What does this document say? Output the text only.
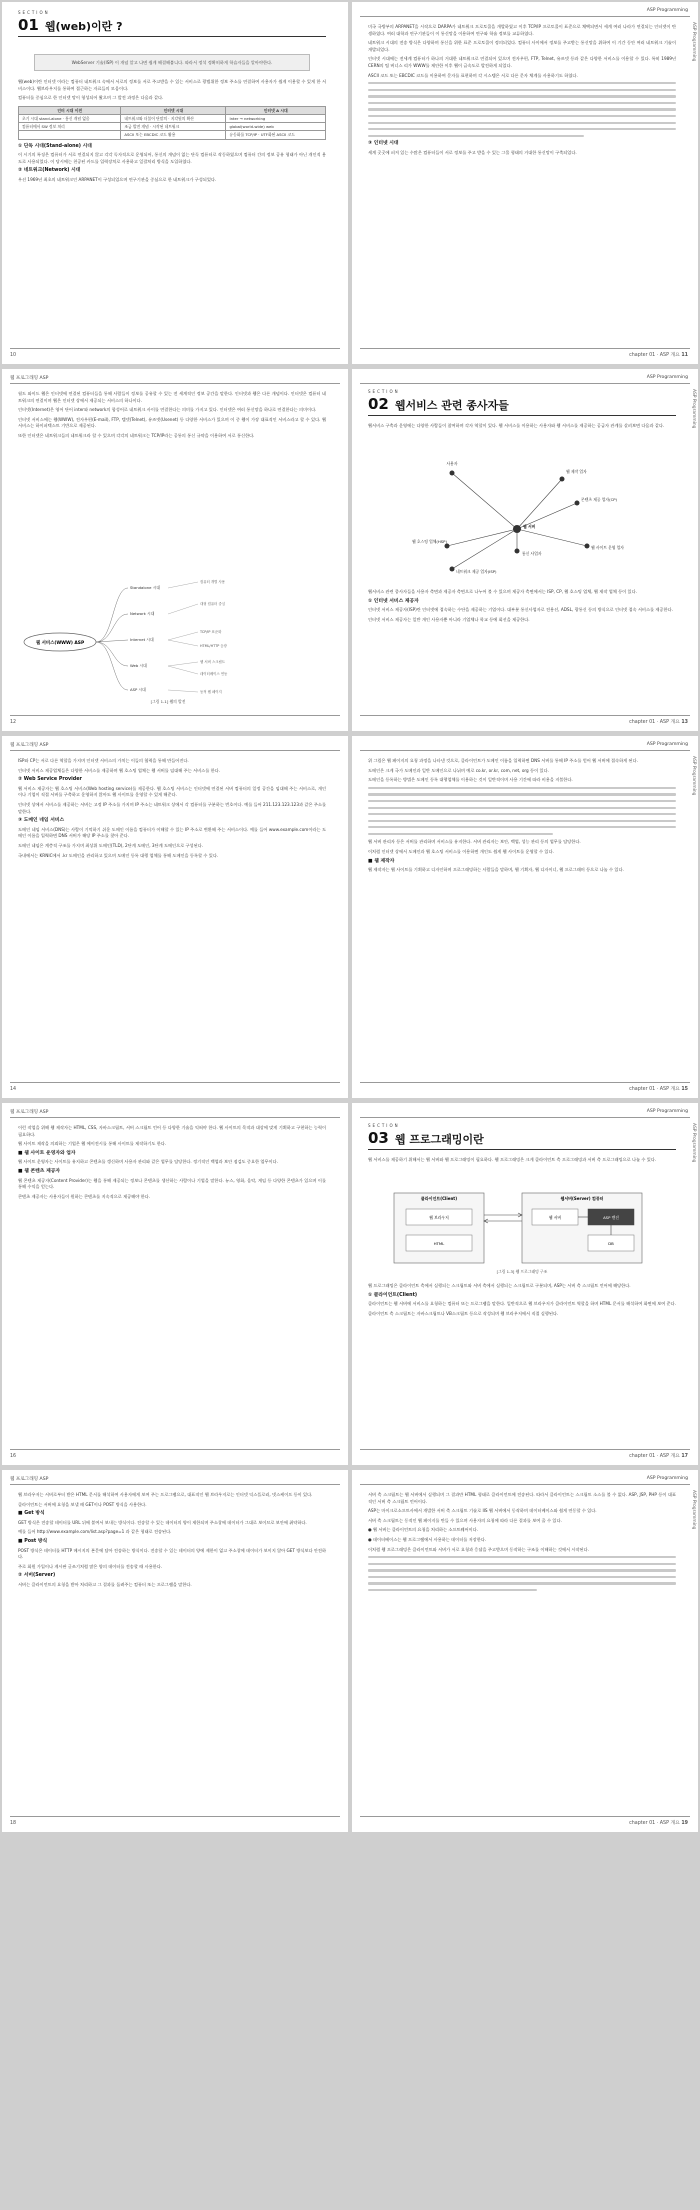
SECTION
01 웹(web)이란 ?
WebServer 기술(ISP) 이 개념 알고 나면 쉽게 해결해봅니다. 따라서 정석 정확히하게 학습자들을 알아야한다.

웹(web)이란 인터넷 이라는 컴퓨터 네트워크 속에서 서로의 정보를 서로 주고받을 수 있는 서비스로 광범위한 정보 주소를 연결하여 사용자가 쉽게 이용할 수 있게 한 서비스이다. 웹브라우저를 통하여 접근하는 자료들의 모음이다.

컴퓨터를 중심으로 한 인터넷 망이 형성되어 왔으며 그 발전 과정은 다음과 같다.

인터 시대 이전	인터넷 시대	인터넷 A 시대
초기 시대 stand-alone · 통신 개념 없음	네트워크와 더불어 단말의 · 지각원의 확산	Inter → networking
컴퓨터에서 SW 정보 처리	조금 발전 개념 · 시작된 네트워크	global(world-wide) web
	ASCII 또는 EBCDIC 코드 활용	유동화를 TCP/IP · UTF화된 ASCII 코드
① 단독 시대(Stand-alone) 시대

이 시기의 특징은 컴퓨터가 서로 연결되지 않고 각각 독자적으로 운영되어, 통신의 개념이 없는 단독 컴퓨터로 작동하였으며 컴퓨터 간의 정보 공유 형태가 아닌 개인적 용도로 사용되었다. 이 당시에는 천공된 카드를 입력장치로 사용하고 일괄처리 방식을 도입하였다.

② 네트워크(Network) 시대

우선 1969년 최초의 네트워크인 ARPANET이 구성되었으며 연구기관을 중심으로 한 네트워크가 구성되었다.

10
ASP Programming
ASP Programming

미국 국방부의 ARPANET을 시작으로 DARPA가 네트워크 프로토콜을 개발하였고 이후 TCP/IP 프로토콜이 표준으로 채택되면서 세계 여러 나라가 연결되는 인터넷이 탄생하였다. 여러 대학과 연구기관들이 이 통신망을 이용하여 연구와 학술 정보를 교류하였다.

네트워크 시대의 전송 방식은 다양하며 통신을 위한 표준 프로토콜이 정의되었다. 컴퓨터 사이에서 정보를 주고받는 통신망을 위하여 이 기간 동안 여러 네트워크 기술이 개발되었다.

인터넷 시대에는 전세계 컴퓨터가 하나의 거대한 네트워크로 연결되어 있으며 전자우편, FTP, Telnet, 유즈넷 등과 같은 다양한 서비스를 이용할 수 있다. 특히 1989년 CERN의 팀 버너스 리가 WWW를 제안한 이후 웹이 급속도로 발전하게 되었다.

ASCII 코드 또는 EBCDIC 코드를 이용하여 문자를 표현하며 각 시스템은 서로 다른 문자 체계를 사용하기도 하였다.

③ 인터넷 시대

세계 곳곳에 퍼져 있는 수많은 컴퓨터들이 서로 정보를 주고 받을 수 있는 그물 형태의 거대한 통신망이 구축되었다.

chapter 01 · ASP 개요 11
웹 프로그래밍 ASP

월드 와이드 웹은 인터넷에 연결된 컴퓨터들을 통해 사람들이 정보를 공유할 수 있는 전 세계적인 정보 공간을 말한다. 인터넷과 웹은 다른 개념이다. 인터넷은 컴퓨터 네트워크의 연결이며 웹은 인터넷 상에서 제공되는 서비스의 하나이다.

인터넷(Internet)은 영어 단어 inter와 network의 합성어로 네트워크 사이를 연결한다는 의미를 가지고 있다. 인터넷은 여러 통신망을 하나로 연결한다는 의미이다.

인터넷 서비스에는 웹(WWW), 전자우편(E-mail), FTP, 텔넷(Telnet), 유즈넷(Usenet) 등 다양한 서비스가 있으며 이 중 웹이 가장 대표적인 서비스라고 할 수 있다. 웹 서비스는 하이퍼텍스트 기반으로 제공된다.

또한 인터넷은 네트워크들의 네트워크라 할 수 있으며 각각의 네트워크는 TCP/IP라는 공통의 통신 규약을 이용하여 서로 통신한다.

웹 서비스(WWW) ASP
Standalone 시대
Network 시대
Internet 시대
Web 시대
ASP 시대
컴퓨터 개별 사용
대형 컴퓨터 중심
TCP/IP 표준화
HTML/HTTP 등장
웹 서버 스크립트
데이터베이스 연동
동적 웹 페이지
[그림 1-1] 웹의 발전
12
ASP Programming
ASP Programming
SECTION
02 웹서비스 관련 종사자들

웹서비스 구축과 운영에는 다양한 사람들이 참여하며 각자 역할이 있다. 웹 서비스를 이용하는 사용자와 웹 서비스를 제공하는 공급자 관계를 살펴보면 다음과 같다.

사용자
웹 제작 업자
콘텐츠 제공 업자(CP)
웹 서버
웹 호스팅 업체(HSP)
통신 사업자
웹 사이트 운영 업자
네트워크 제공 업자(ISP)

웹서비스 관련 종사자들을 사용자 측면과 제공자 측면으로 나누어 볼 수 있으며 제공자 측면에서는 ISP, CP, 웹 호스팅 업체, 웹 제작 업체 등이 있다.

① 인터넷 서비스 제공자

인터넷 서비스 제공자(ISP)란 인터넷에 접속하는 수단을 제공하는 기업이다. 대부분 통신사업자로 전용선, ADSL, 광통신 등의 방식으로 인터넷 접속 서비스를 제공한다.

인터넷 서비스 제공자는 일반 개인 사용자뿐 아니라 기업체나 학교 등에 회선을 제공한다.

chapter 01 · ASP 개요 13
웹 프로그래밍 ASP

ISP와 CP는 서로 다른 역할을 가지며 인터넷 서비스의 가치는 이들의 협력을 통해 만들어진다.

인터넷 서비스 제공업체들은 다양한 서비스를 제공하며 웹 호스팅 업체는 웹 서버를 임대해 주는 서비스를 한다.

② Web Service Provider

웹 서비스 제공자는 웹 호스팅 서비스(Web hosting service)를 제공한다. 웹 호스팅 서비스는 인터넷에 연결된 서버 컴퓨터의 일정 공간을 임대해 주는 서비스로, 개인이나 기업이 직접 서버를 구축하고 운영하지 않아도 웹 사이트를 운영할 수 있게 해준다.

인터넷 상에서 서비스를 제공하는 서버는 고정 IP 주소를 가지며 IP 주소는 네트워크 상에서 각 컴퓨터를 구분하는 번호이다. 예를 들어 211.123.123.123과 같은 주소를 말한다.

③ 도메인 네임 서비스

도메인 네임 서비스(DNS)는 사람이 기억하기 쉬운 도메인 이름을 컴퓨터가 이해할 수 있는 IP 주소로 변환해 주는 서비스이다. 예를 들어 www.example.com이라는 도메인 이름을 입력하면 DNS 서버가 해당 IP 주소를 찾아 준다.

도메인 네임은 계층적 구조를 가지며 최상위 도메인(TLD), 2단계 도메인, 3단계 도메인으로 구성된다.

국내에서는 KRNIC에서 .kr 도메인을 관리하고 있으며 도메인 등록 대행 업체를 통해 도메인을 등록할 수 있다.

14
ASP Programming
ASP Programming

위 그림은 웹 페이지의 요청 과정을 나타낸 것으로, 클라이언트가 도메인 이름을 입력하면 DNS 서버를 통해 IP 주소를 얻어 웹 서버에 접속하게 된다.

도메인은 크게 국가 도메인과 일반 도메인으로 나뉘며 예로 co.kr, or.kr, com, net, org 등이 있다.

도메인을 등록하는 방법은 도메인 등록 대행업체를 이용하는 것이 일반적이며 사용 기간에 따라 비용을 지불한다.

웹 서버 관리자 등은 서버를 관리하며 서비스를 유지한다. 서버 관리자는 보안, 백업, 성능 관리 등의 업무를 담당한다.

이처럼 인터넷 상에서 도메인과 웹 호스팅 서비스를 이용하면 개인도 쉽게 웹 사이트를 운영할 수 있다.

■ 웹 제작자

웹 제작자는 웹 사이트를 기획하고 디자인하며 프로그래밍하는 사람들을 말하며, 웹 기획자, 웹 디자이너, 웹 프로그래머 등으로 나눌 수 있다.

chapter 01 · ASP 개요 15
웹 프로그래밍 ASP

이런 작업을 위해 웹 제작자는 HTML, CSS, 자바스크립트, 서버 스크립트 언어 등 다양한 기술을 익혀야 한다. 웹 사이트의 목적과 대상에 맞게 기획하고 구현하는 능력이 필요하다.

웹 사이트 제작을 의뢰하는 기업은 웹 에이전시를 통해 사이트를 제작하기도 한다.

■ 웹 사이트 운영자와 업자

웹 사이트 운영자는 사이트를 유지하고 콘텐츠를 갱신하며 사용자 관리와 같은 업무를 담당한다. 정기적인 백업과 보안 점검도 중요한 업무이다.

■ 웹 콘텐츠 제공자

웹 콘텐츠 제공자(Content Provider)는 웹을 통해 제공되는 정보나 콘텐츠를 생산하는 사람이나 기업을 말한다. 뉴스, 영화, 음악, 게임 등 다양한 콘텐츠가 있으며 이를 통해 수익을 얻는다.

콘텐츠 제공자는 사용자들이 원하는 콘텐츠를 지속적으로 제공해야 한다.

16
ASP Programming
ASP Programming
SECTION
03 웹 프로그래밍이란

웹 서비스를 제공하기 위해서는 웹 서버와 웹 프로그래밍이 필요하다. 웹 프로그래밍은 크게 클라이언트 측 프로그래밍과 서버 측 프로그래밍으로 나눌 수 있다.

클라이언트(Client)	웹서버(Server) 컴퓨터
웹 브라우저
HTML
웹 서버	ASP 엔진
DB
[그림 1-3] 웹 프로그래밍 구조

웹 프로그래밍은 클라이언트 측에서 실행되는 스크립트와 서버 측에서 실행되는 스크립트로 구분되며, ASP는 서버 측 스크립트 언어에 해당한다.

① 클라이언트(Client)

클라이언트는 웹 서버에 서비스를 요청하는 컴퓨터 또는 프로그램을 말한다. 일반적으로 웹 브라우저가 클라이언트 역할을 하며 HTML 문서를 해석하여 화면에 보여 준다.

클라이언트 측 스크립트는 자바스크립트나 VB스크립트 등으로 작성되며 웹 브라우저에서 직접 실행된다.

chapter 01 · ASP 개요 17
웹 프로그래밍 ASP

웹 브라우저는 서버로부터 받은 HTML 문서를 해석하여 사용자에게 보여 주는 프로그램으로, 대표적인 웹 브라우저로는 인터넷 익스플로러, 넷스케이프 등이 있다.

클라이언트는 서버에 요청을 보낼 때 GET이나 POST 방식을 사용한다.

■ Get 방식

GET 방식은 전송할 데이터를 URL 뒤에 붙여서 보내는 방식이다. 전송할 수 있는 데이터의 양이 제한되며 주소창에 데이터가 그대로 보이므로 보안에 취약하다.

예를 들어 http://www.example.com/list.asp?page=1 과 같은 형태로 전송된다.

■ Post 방식

POST 방식은 데이터를 HTTP 메시지의 본문에 담아 전송하는 방식이다. 전송할 수 있는 데이터의 양에 제한이 없고 주소창에 데이터가 보이지 않아 GET 방식보다 안전하다.

주로 회원 가입이나 게시판 글쓰기처럼 많은 양의 데이터를 전송할 때 사용한다.

② 서버(Server)

서버는 클라이언트의 요청을 받아 처리하고 그 결과를 돌려주는 컴퓨터 또는 프로그램을 말한다.

18
ASP Programming
ASP Programming

서버 측 스크립트는 웹 서버에서 실행되며 그 결과만 HTML 형태로 클라이언트에 전송된다. 따라서 클라이언트는 스크립트 소스를 볼 수 없다. ASP, JSP, PHP 등이 대표적인 서버 측 스크립트 언어이다.

ASP는 마이크로소프트사에서 개발한 서버 측 스크립트 기술로 IIS 웹 서버에서 동작하며 데이터베이스와 쉽게 연동할 수 있다.

서버 측 스크립트는 동적인 웹 페이지를 만들 수 있으며 사용자의 요청에 따라 다른 결과를 보여 줄 수 있다.

● 웹 서버는 클라이언트의 요청을 처리하는 소프트웨어이다.

● 데이터베이스는 웹 프로그램에서 사용하는 데이터를 저장한다.

이처럼 웹 프로그래밍은 클라이언트와 서버가 서로 요청과 응답을 주고받으며 동작하는 구조를 이해하는 것에서 시작된다.

chapter 01 · ASP 개요 19
